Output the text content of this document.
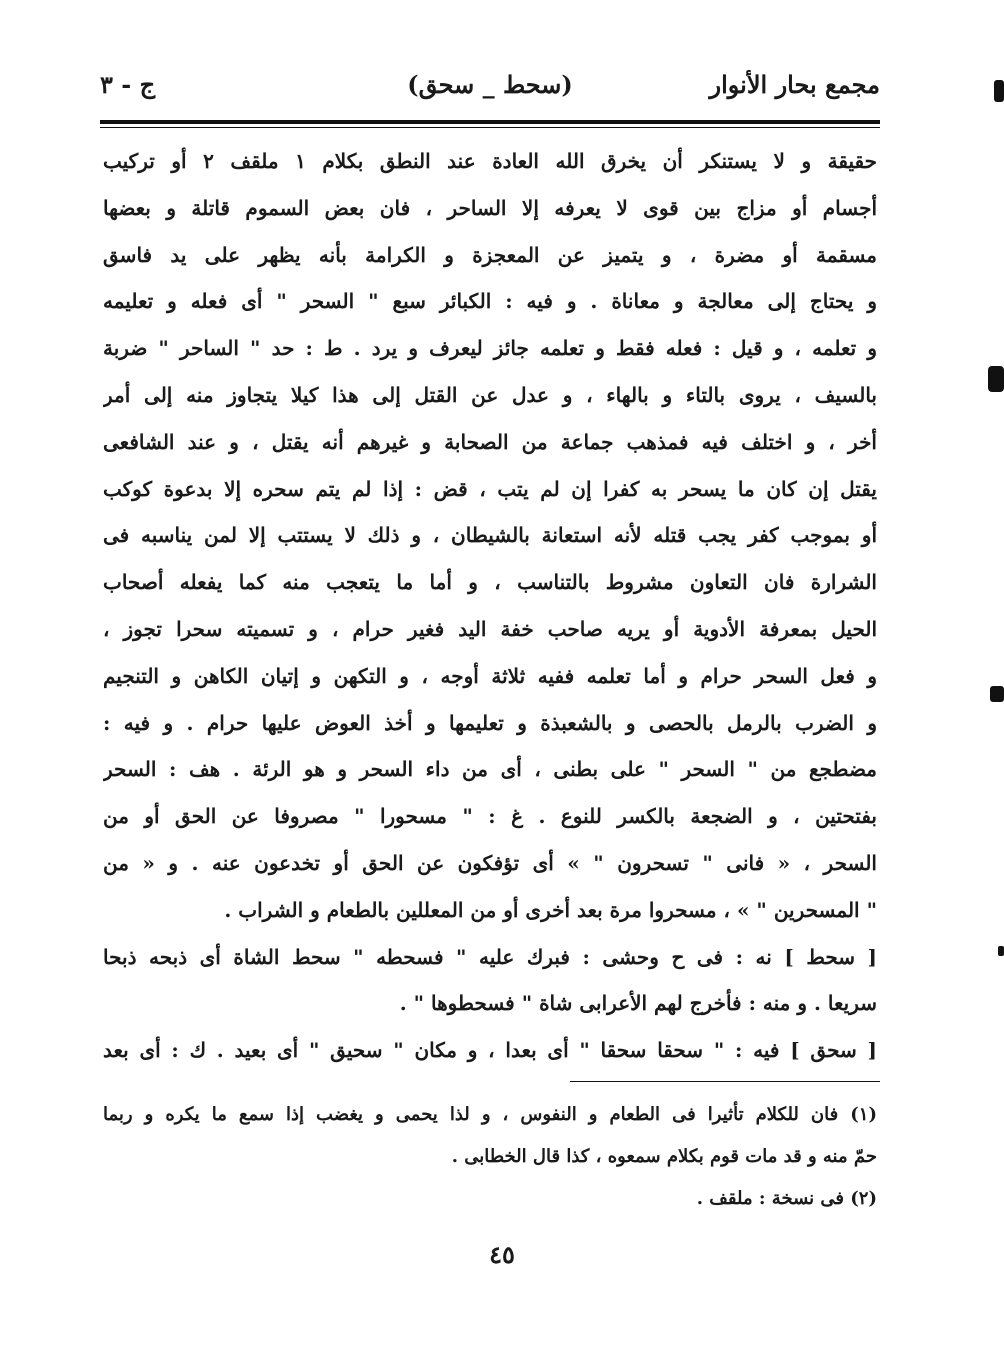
مجمع بحار الأنوار
(سحط _ سحق)
ج - ٣
حقيقة و لا يستنكر أن يخرق الله العادة عند النطق بكلام ١ ملقف ٢ أو تركيب
أجسام أو مزاج بين قوى لا يعرفه إلا الساحر ، فان بعض السموم قاتلة و بعضها
مسقمة أو مضرة ، و يتميز عن المعجزة و الكرامة بأنه يظهر على يد فاسق
و يحتاج إلى معالجة و معاناة . و فيه : الكبائر سبع " السحر " أى فعله و تعليمه
و تعلمه ، و قيل : فعله فقط و تعلمه جائز ليعرف و يرد . ط : حد " الساحر " ضربة
بالسيف ، يروى بالتاء و بالهاء ، و عدل عن القتل إلى هذا كيلا يتجاوز منه إلى أمر
أخر ، و اختلف فيه فمذهب جماعة من الصحابة و غيرهم أنه يقتل ، و عند الشافعى
يقتل إن كان ما يسحر به كفرا إن لم يتب ، قض : إذا لم يتم سحره إلا بدعوة كوكب
أو بموجب كفر يجب قتله لأنه استعانة بالشيطان ، و ذلك لا يستتب إلا لمن يناسبه فى
الشرارة فان التعاون مشروط بالتناسب ، و أما ما يتعجب منه كما يفعله أصحاب
الحيل بمعرفة الأدوية أو يريه صاحب خفة اليد فغير حرام ، و تسميته سحرا تجوز ،
و فعل السحر حرام و أما تعلمه ففيه ثلاثة أوجه ، و التكهن و إتيان الكاهن و التنجيم
و الضرب بالرمل بالحصى و بالشعبذة و تعليمها و أخذ العوض عليها حرام . و فيه :
مضطجع من " السحر " على بطنى ، أى من داء السحر و هو الرئة . هف : السحر
بفتحتين ، و الضجعة بالكسر للنوع . غ : " مسحورا " مصروفا عن الحق أو من
السحر ، « فانى " تسحرون " » أى تؤفكون عن الحق أو تخدعون عنه . و « من
" المسحرين " » ، مسحروا مرة بعد أخرى أو من المعللين بالطعام و الشراب .
[ سحط ] نه : فى ح وحشى : فبرك عليه " فسحطه " سحط الشاة أى ذبحه ذبحا
سريعا . و منه : فأخرج لهم الأعرابى شاة " فسحطوها " .
[ سحق ] فيه : " سحقا سحقا " أى بعدا ، و مكان " سحيق " أى بعيد . ك : أى بعد
(١) فان للكلام تأثيرا فى الطعام و النفوس ، و لذا يحمى و يغضب إذا سمع ما يكره و ربما
حمّ منه و قد مات قوم بكلام سمعوه ، كذا قال الخطابى .
(٢) فى نسخة : ملقف .
٤٥
